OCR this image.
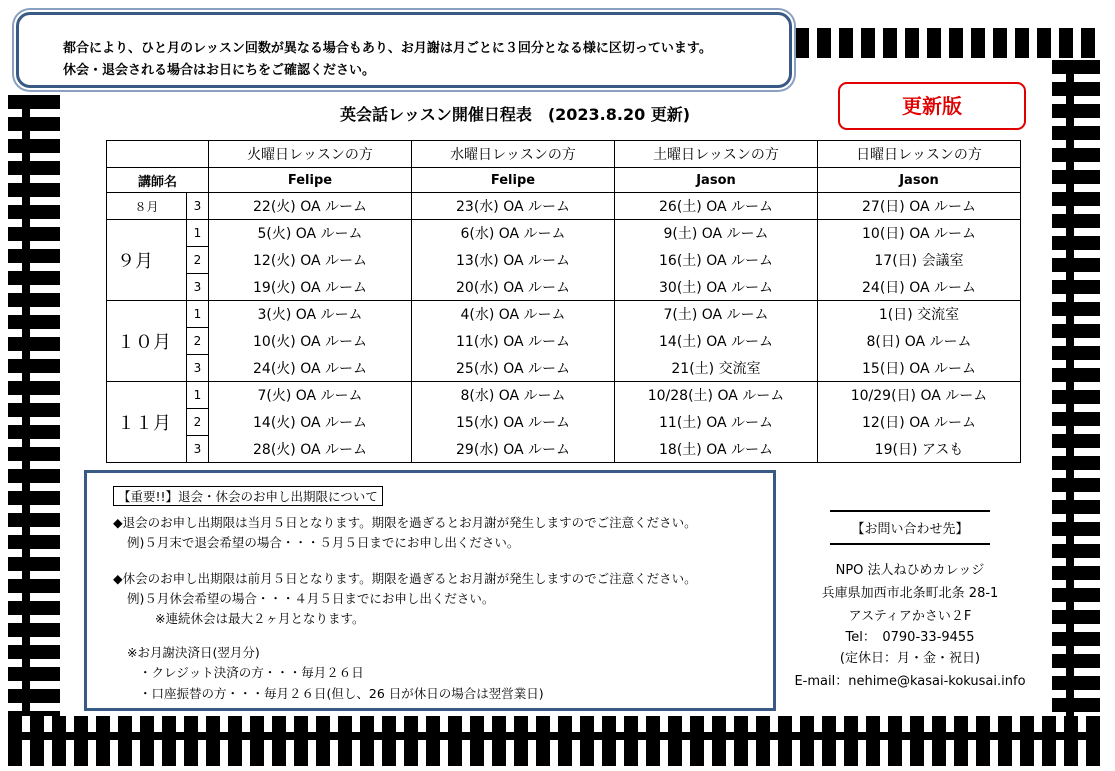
都合により、ひと月のレッスン回数が異なる場合もあり、お月謝は月ごとに３回分となる様に区切っています。

休会・退会される場合はお日にちをご確認ください。

英会話レッスン開催日程表　(2023.8.20 更新)	更新版
		火曜日レッスンの方	水曜日レッスンの方	土曜日レッスンの方	日曜日レッスンの方
講師名		Felipe	Felipe	Jason	Jason
８月	3	22(火) OA ルーム	23(水) OA ルーム	26(土) OA ルーム	27(日) OA ルーム
９月	1	5(火) OA ルーム	6(水) OA ルーム	9(土) OA ルーム	10(日) OA ルーム
	2	12(火) OA ルーム	13(水) OA ルーム	16(土) OA ルーム	17(日) 会議室
	3	19(火) OA ルーム	20(水) OA ルーム	30(土) OA ルーム	24(日) OA ルーム
１０月	1	3(火) OA ルーム	4(水) OA ルーム	7(土) OA ルーム	1(日) 交流室
	2	10(火) OA ルーム	11(水) OA ルーム	14(土) OA ルーム	8(日) OA ルーム
	3	24(火) OA ルーム	25(水) OA ルーム	21(土) 交流室	15(日) OA ルーム
１１月	1	7(火) OA ルーム	8(水) OA ルーム	10/28(土) OA ルーム	10/29(日) OA ルーム
	2	14(火) OA ルーム	15(水) OA ルーム	11(土) OA ルーム	12(日) OA ルーム
	3	28(火) OA ルーム	29(水) OA ルーム	18(土) OA ルーム	19(日) アスも
【重要!!】退会・休会のお申し出期限について
◆退会のお申し出期限は当月５日となります。期限を過ぎるとお月謝が発生しますのでご注意ください。
例)５月末で退会希望の場合・・・５月５日までにお申し出ください。
◆休会のお申し出期限は前月５日となります。期限を過ぎるとお月謝が発生しますのでご注意ください。
例)５月休会希望の場合・・・４月５日までにお申し出ください。
※連続休会は最大２ヶ月となります。
※お月謝決済日(翌月分)
・クレジット決済の方・・・毎月２６日
・口座振替の方・・・毎月２６日(但し、26 日が休日の場合は翌営業日)
【お問い合わせ先】
NPO 法人ねひめカレッジ
兵庫県加西市北条町北条 28-1
アスティアかさい２F
Tel：　0790-33-9455
(定休日：月・金・祝日)
E-mail：nehime@kasai-kokusai.info
